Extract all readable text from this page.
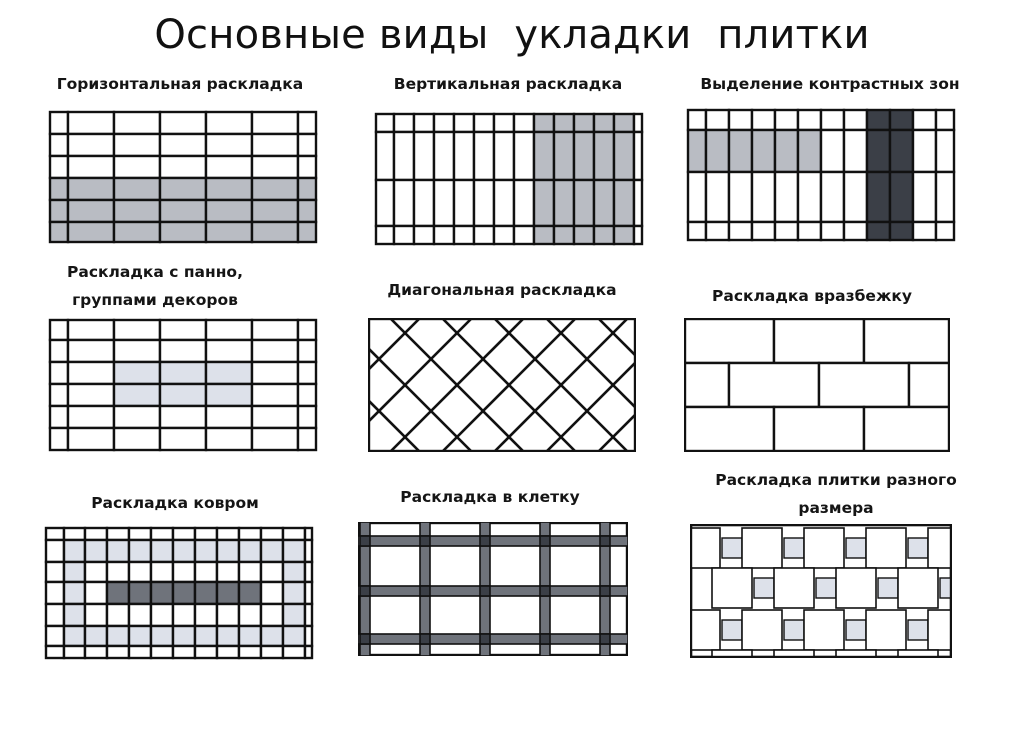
Основные виды  укладки  плитки
Горизонтальная раскладка	Вертикальная раскладка	Выделение контрастных зон
Раскладка с панно,
группами декоров
Диагональная раскладка	Раскладка вразбежку
Раскладка ковром	Раскладка в клетку
Раскладка плитки разного
размера
